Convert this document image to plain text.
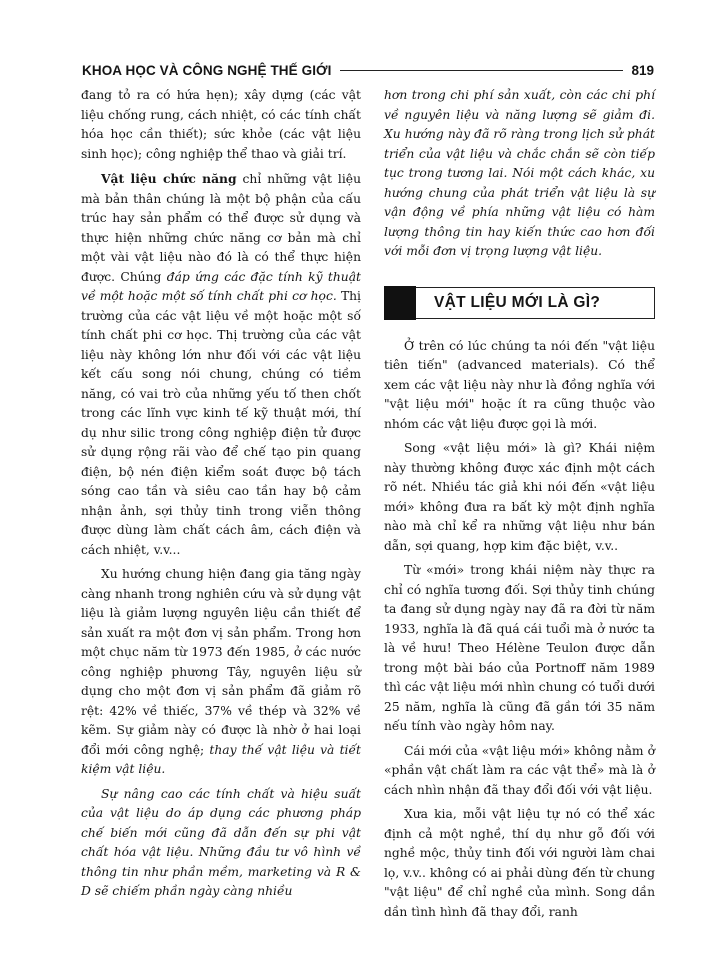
KHOA HỌC VÀ CÔNG NGHỆ THẾ GIỚI	819

đang tỏ ra có hứa hẹn); xây dựng (các vật liệu chống rung, cách nhiệt, có các tính chất hóa học cần thiết); sức khỏe (các vật liệu sinh học); công nghiệp thể thao và giải trí.

Vật liệu chức năng chỉ những vật liệu mà bản thân chúng là một bộ phận của cấu trúc hay sản phẩm có thể được sử dụng và thực hiện những chức năng cơ bản mà chỉ một vài vật liệu nào đó là có thể thực hiện được. Chúng đáp ứng các đặc tính kỹ thuật về một hoặc một số tính chất phi cơ học. Thị trường của các vật liệu về một hoặc một số tính chất phi cơ học. Thị trường của các vật liệu này không lớn như đối với các vật liệu kết cấu song nói chung, chúng có tiềm năng, có vai trò của những yếu tố then chốt trong các lĩnh vực kinh tế kỹ thuật mới, thí dụ như silic trong công nghiệp điện tử được sử dụng rộng rãi vào để chế tạo pin quang điện, bộ nén điện kiểm soát được bộ tách sóng cao tần và siêu cao tần hay bộ cảm nhận ảnh, sợi thủy tinh trong viễn thông được dùng làm chất cách âm, cách điện và cách nhiệt, v.v...

Xu hướng chung hiện đang gia tăng ngày càng nhanh trong nghiên cứu và sử dụng vật liệu là giảm lượng nguyên liệu cần thiết để sản xuất ra một đơn vị sản phẩm. Trong hơn một chục năm từ 1973 đến 1985, ở các nước công nghiệp phương Tây, nguyên liệu sử dụng cho một đơn vị sản phẩm đã giảm rõ rệt: 42% về thiếc, 37% về thép và 32% về kẽm. Sự giảm này có được là nhờ ở hai loại đổi mới công nghệ; thay thế vật liệu và tiết kiệm vật liệu.

Sự nâng cao các tính chất và hiệu suất của vật liệu do áp dụng các phương pháp chế biến mới cũng đã dẫn đến sự phi vật chất hóa vật liệu. Những đầu tư vô hình về thông tin như phần mềm, marketing và R & D sẽ chiếm phần ngày càng nhiều

hơn trong chi phí sản xuất, còn các chi phí về nguyên liệu và năng lượng sẽ giảm đi. Xu hướng này đã rõ ràng trong lịch sử phát triển của vật liệu và chắc chắn sẽ còn tiếp tục trong tương lai. Nói một cách khác, xu hướng chung của phát triển vật liệu là sự vận động về phía những vật liệu có hàm lượng thông tin hay kiến thức cao hơn đối với mỗi đơn vị trọng lượng vật liệu.

VẬT LIỆU MỚI LÀ GÌ?

Ở trên có lúc chúng ta nói đến "vật liệu tiên tiến" (advanced materials). Có thể xem các vật liệu này như là đồng nghĩa với "vật liệu mới" hoặc ít ra cũng thuộc vào nhóm các vật liệu được gọi là mới.

Song «vật liệu mới» là gì? Khái niệm này thường không được xác định một cách rõ nét. Nhiều tác giả khi nói đến «vật liệu mới» không đưa ra bất kỳ một định nghĩa nào mà chỉ kể ra những vật liệu như bán dẫn, sợi quang, hợp kim đặc biệt, v.v..

Từ «mới» trong khái niệm này thực ra chỉ có nghĩa tương đối. Sợi thủy tinh chúng ta đang sử dụng ngày nay đã ra đời từ năm 1933, nghĩa là đã quá cái tuổi mà ở nước ta là về hưu! Theo Hélène Teulon được dẫn trong một bài báo của Portnoff năm 1989 thì các vật liệu mới nhìn chung có tuổi dưới 25 năm, nghĩa là cũng đã gần tới 35 năm nếu tính vào ngày hôm nay.

Cái mới của «vật liệu mới» không nằm ở «phần vật chất làm ra các vật thể» mà là ở cách nhìn nhận đã thay đổi đối với vật liệu.

Xưa kia, mỗi vật liệu tự nó có thể xác định cả một nghề, thí dụ như gỗ đối với nghề mộc, thủy tinh đối với người làm chai lọ, v.v.. không có ai phải dùng đến từ chung "vật liệu" để chỉ nghề của mình. Song dần dần tình hình đã thay đổi, ranh
